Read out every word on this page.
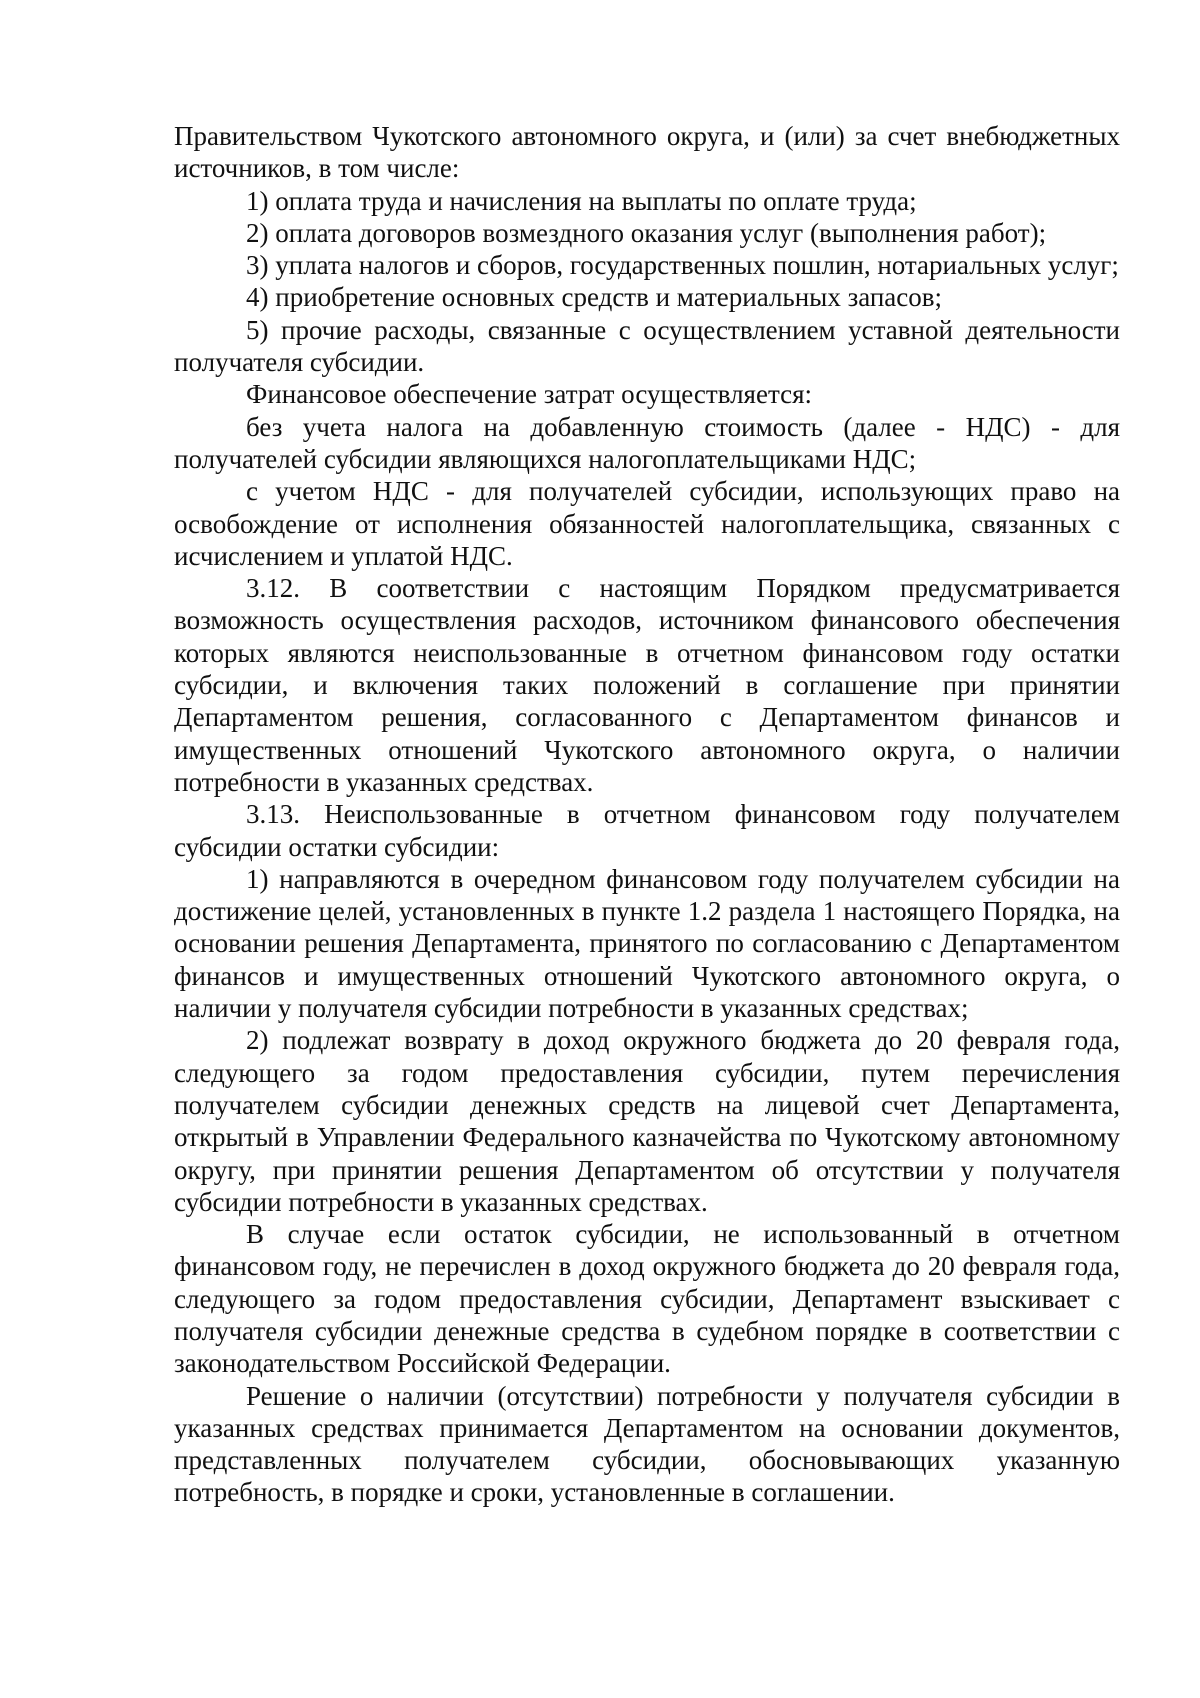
Правительством Чукотского автономного округа, и (или) за счет внебюджетных источников, в том числе:

1) оплата труда и начисления на выплаты по оплате труда;

2) оплата договоров возмездного оказания услуг (выполнения работ);

3) уплата налогов и сборов, государственных пошлин, нотариальных услуг;

4) приобретение основных средств и материальных запасов;

5) прочие расходы, связанные с осуществлением уставной деятельности получателя субсидии.

Финансовое обеспечение затрат осуществляется:

без учета налога на добавленную стоимость (далее - НДС) - для получателей субсидии являющихся налогоплательщиками НДС;

с учетом НДС - для получателей субсидии, использующих право на освобождение от исполнения обязанностей налогоплательщика, связанных с исчислением и уплатой НДС.

3.12. В соответствии с настоящим Порядком предусматривается возможность осуществления расходов, источником финансового обеспечения которых являются неиспользованные в отчетном финансовом году остатки субсидии, и включения таких положений в соглашение при принятии Департаментом решения, согласованного с Департаментом финансов и имущественных отношений Чукотского автономного округа, о наличии потребности в указанных средствах.

3.13. Неиспользованные в отчетном финансовом году получателем субсидии остатки субсидии:

1) направляются в очередном финансовом году получателем субсидии на достижение целей, установленных в пункте 1.2 раздела 1 настоящего Порядка, на основании решения Департамента, принятого по согласованию с Департаментом финансов и имущественных отношений Чукотского автономного округа, о наличии у получателя субсидии потребности в указанных средствах;

2) подлежат возврату в доход окружного бюджета до 20 февраля года, следующего за годом предоставления субсидии, путем перечисления получателем субсидии денежных средств на лицевой счет Департамента, открытый в Управлении Федерального казначейства по Чукотскому автономному округу, при принятии решения Департаментом об отсутствии у получателя субсидии потребности в указанных средствах.

В случае если остаток субсидии, не использованный в отчетном финансовом году, не перечислен в доход окружного бюджета до 20 февраля года, следующего за годом предоставления субсидии, Департамент взыскивает с получателя субсидии денежные средства в судебном порядке в соответствии с законодательством Российской Федерации.

Решение о наличии (отсутствии) потребности у получателя субсидии в указанных средствах принимается Департаментом на основании документов, представленных получателем субсидии, обосновывающих указанную потребность, в порядке и сроки, установленные в соглашении.
